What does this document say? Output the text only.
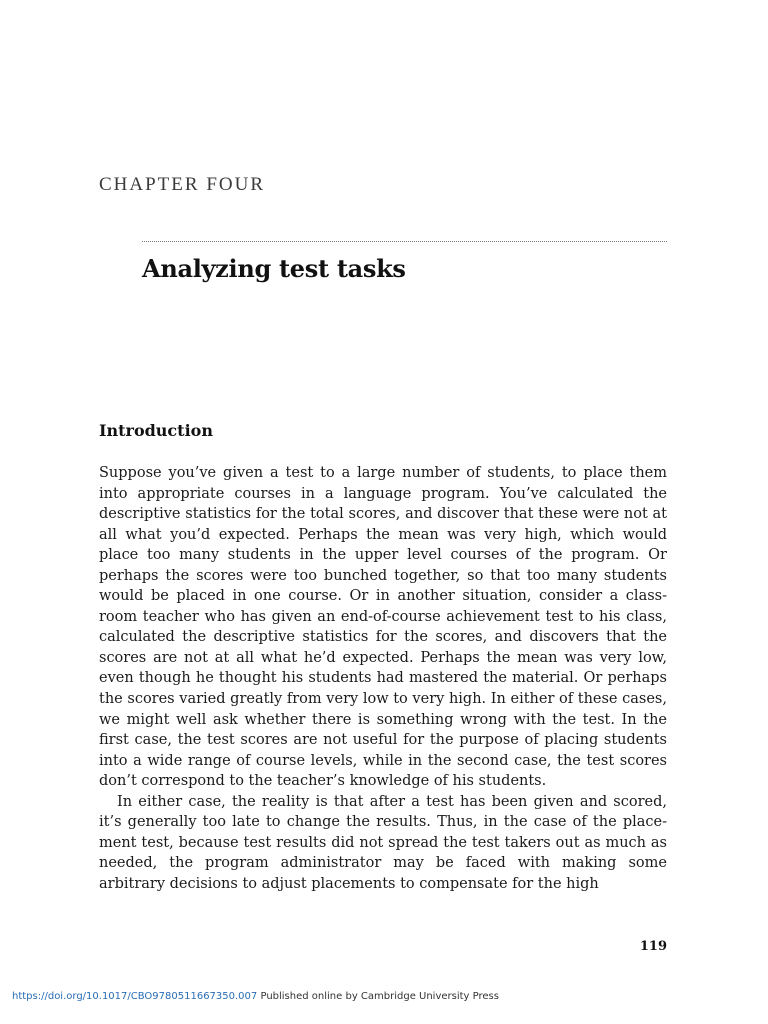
CHAPTER FOUR
Analyzing test tasks
Introduction

Suppose you’ve given a test to a large number of students, to place them into appropriate courses in a language program. You’ve calculated the descriptive statistics for the total scores, and discover that these were not at all what you’d expected. Perhaps the mean was very high, which would place too many students in the upper level courses of the program. Or perhaps the scores were too bunched together, so that too many students would be placed in one course. Or in another situation, consider a class-room teacher who has given an end-of-course achievement test to his class, calculated the descriptive statistics for the scores, and discovers that the scores are not at all what he’d expected. Perhaps the mean was very low, even though he thought his students had mastered the material. Or perhaps the scores varied greatly from very low to very high. In either of these cases, we might well ask whether there is something wrong with the test. In the first case, the test scores are not useful for the purpose of placing students into a wide range of course levels, while in the second case, the test scores don’t correspond to the teacher’s knowledge of his students.

In either case, the reality is that after a test has been given and scored, it’s generally too late to change the results. Thus, in the case of the place-ment test, because test results did not spread the test takers out as much as needed, the program administrator may be faced with making some arbitrary decisions to adjust placements to compensate for the high

119
https://doi.org/10.1017/CBO9780511667350.007 Published online by Cambridge University Press
